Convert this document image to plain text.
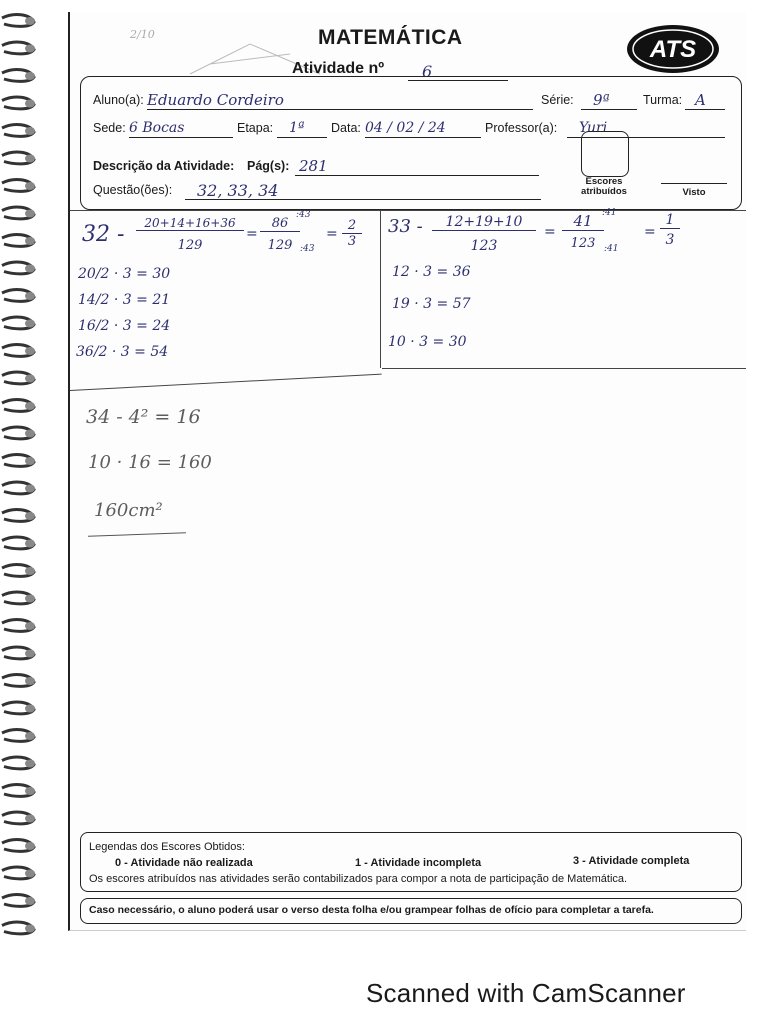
2/10	MATEMÁTICA
Atividade nº	6
ATS
Aluno(a): Eduardo Cordeiro	Série:	9ª	Turma: A
Sede: 6 Bocas	Etapa:	1ª	Data: 04 / 02 / 24	Professor(a):	Yuri
Descrição da Atividade: Pág(s): 281
Questão(ões):	32, 33, 34	Escores atribuídos	Visto
32 -	20+14+16+36
129
=
86
:43
129 :43
=
2
3
20/2 · 3 = 30
14/2 · 3 = 21
16/2 · 3 = 24
36/2 · 3 = 54
33 -	12+19+10
123
=
41	:41
123 :41
=
1
3
12 · 3 = 36
19 · 3 = 57
10 · 3 = 30
34 - 4² = 16
10 · 16 = 160
160cm²
Legendas dos Escores Obtidos:
0 - Atividade não realizada	1 - Atividade incompleta	3 - Atividade completa
Os escores atribuídos nas atividades serão contabilizados para compor a nota de participação de Matemática.
Caso necessário, o aluno poderá usar o verso desta folha e/ou grampear folhas de ofício para completar a tarefa.
Scanned with CamScanner
